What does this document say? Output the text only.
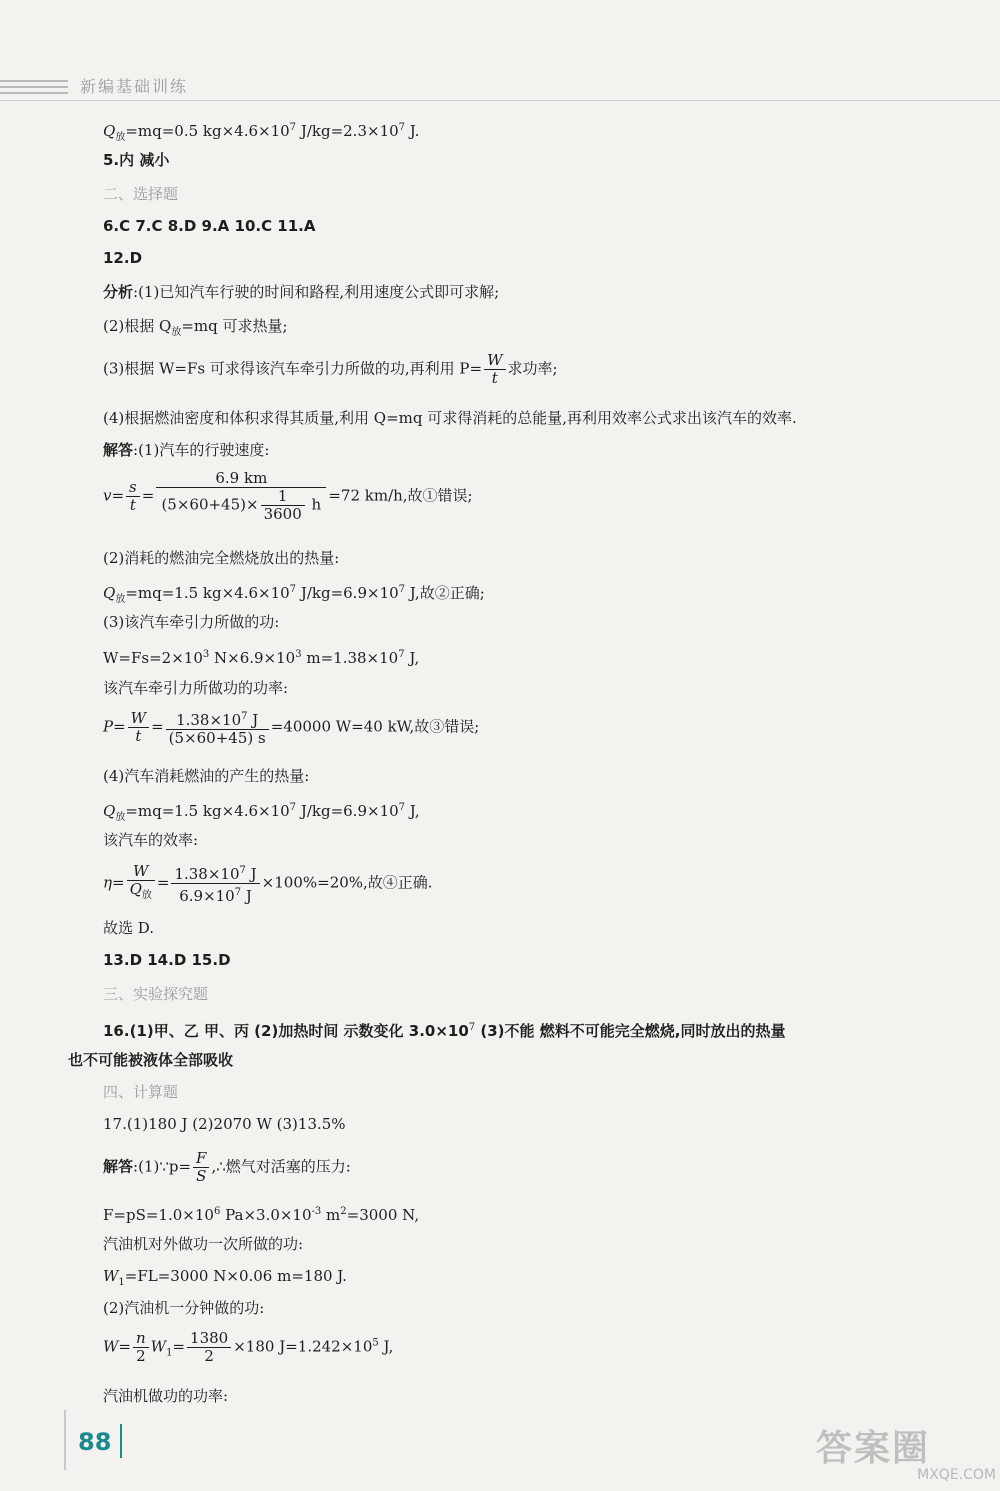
新编基础训练
$Q_放=mq=0.5$ $kg\times 4.6\times 10^7$ $J/kg=2.3\times 10^7$ J.
5.内 减小
二、选择题
6.C 7.C 8.D 9.A 10.C 11.A
12.D
分析:(1)已知汽车行驶的时间和路程,利用速度公式即可求解;
(2)根据 $Q_放=mq$ 可求热量;
(3)根据 W=Fs 可求得该汽车牵引力所做的功,再利用 $P= \frac{W}{t}$ 求功率;
(4)根据燃油密度和体积求得其质量,利用 Q=mq 可求得消耗的总能量,再利用效率公式求出该汽车的效率.
解答:(1)汽车的行驶速度:
$v= \frac{s}{t} = \frac{6.9 km}{(5\times 60+45)\times \frac{1}{3600} h} =72$ km/h,故①错误;
(2)消耗的燃油完全燃烧放出的热量:
$Q_放=mq=1.5$ $kg\times 4.6\times 10^7$ $J/kg=6.9\times 10^7$ J,故②正确;
(3)该汽车牵引力所做的功:
$W=Fs=2\times 10^3$ $N\times 6.9\times 10^3$ $m=1.38\times 10^7$ J,
该汽车牵引力所做功的功率:
$P= \frac{W}{t} = \frac{1.38\times 10^7 J}{(5\times 60+45) s} =40000$ W=40 kW,故③错误;
(4)汽车消耗燃油的产生的热量:
$Q_放=mq=1.5$ $kg\times 4.6\times 10^7$ $J/kg=6.9\times 10^7$ J,
该汽车的效率:
$\eta= \frac{W}{Q_放} = \frac{1.38\times 10^7 J}{6.9\times 10^7 J} \times 100\%=20\%$,故④正确.
故选 D.
13.D 14.D 15.D
三、实验探究题
16.(1)甲、乙 甲、丙 (2)加热时间 示数变化 $3.0\times 10^7$ (3)不能 燃料不可能完全燃烧,同时放出的热量
也不可能被液体全部吸收
四、计算题
17.(1)180 J (2)2070 W (3)13.5%
解答:(1)∵p= $\frac{F}{S}$ ,∴燃气对活塞的压力:
$F=pS=1.0\times 10^6$ $Pa\times 3.0\times 10^{-3}$ $m^2=3000$ N,
汽油机对外做功一次所做的功:
$W_1=FL=3000$ N×0.06 m=180 J.
(2)汽油机一分钟做的功:
$W= \frac{n}{2} W_1= \frac{1380}{2} \times 180$ $J=1.242\times 10^5$ J,
汽油机做功的功率:
88	答案圈
MXQE.COM
